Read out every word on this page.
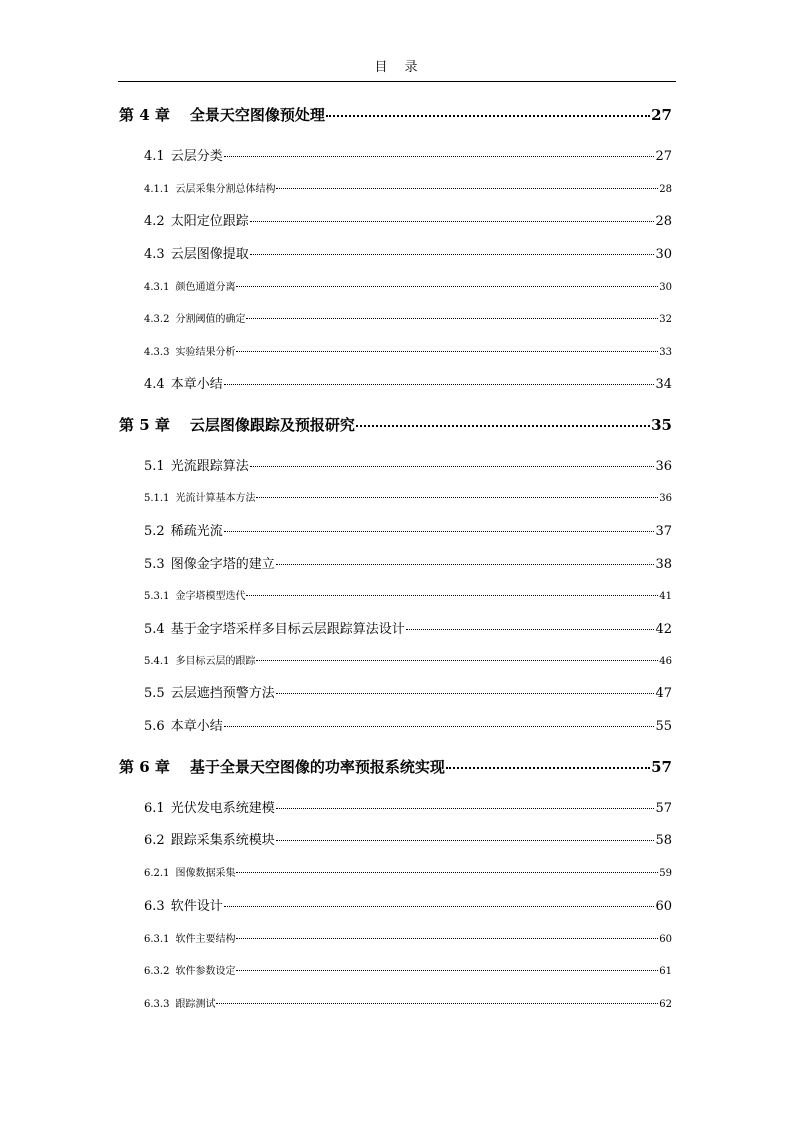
目　录
第 4 章 全景天空图像预处理	27
4.1 云层分类	27
4.1.1 云层采集分割总体结构	28
4.2 太阳定位跟踪	28
4.3 云层图像提取	30
4.3.1 颜色通道分离	30
4.3.2 分割阈值的确定	32
4.3.3 实验结果分析	33
4.4 本章小结	34
第 5 章 云层图像跟踪及预报研究	35
5.1 光流跟踪算法	36
5.1.1 光流计算基本方法	36
5.2 稀疏光流	37
5.3 图像金字塔的建立	38
5.3.1 金字塔模型迭代	41
5.4 基于金字塔采样多目标云层跟踪算法设计	42
5.4.1 多目标云层的跟踪	46
5.5 云层遮挡预警方法	47
5.6 本章小结	55
第 6 章 基于全景天空图像的功率预报系统实现	57
6.1 光伏发电系统建模	57
6.2 跟踪采集系统模块	58
6.2.1 图像数据采集	59
6.3 软件设计	60
6.3.1 软件主要结构	60
6.3.2 软件参数设定	61
6.3.3 跟踪测试	62
